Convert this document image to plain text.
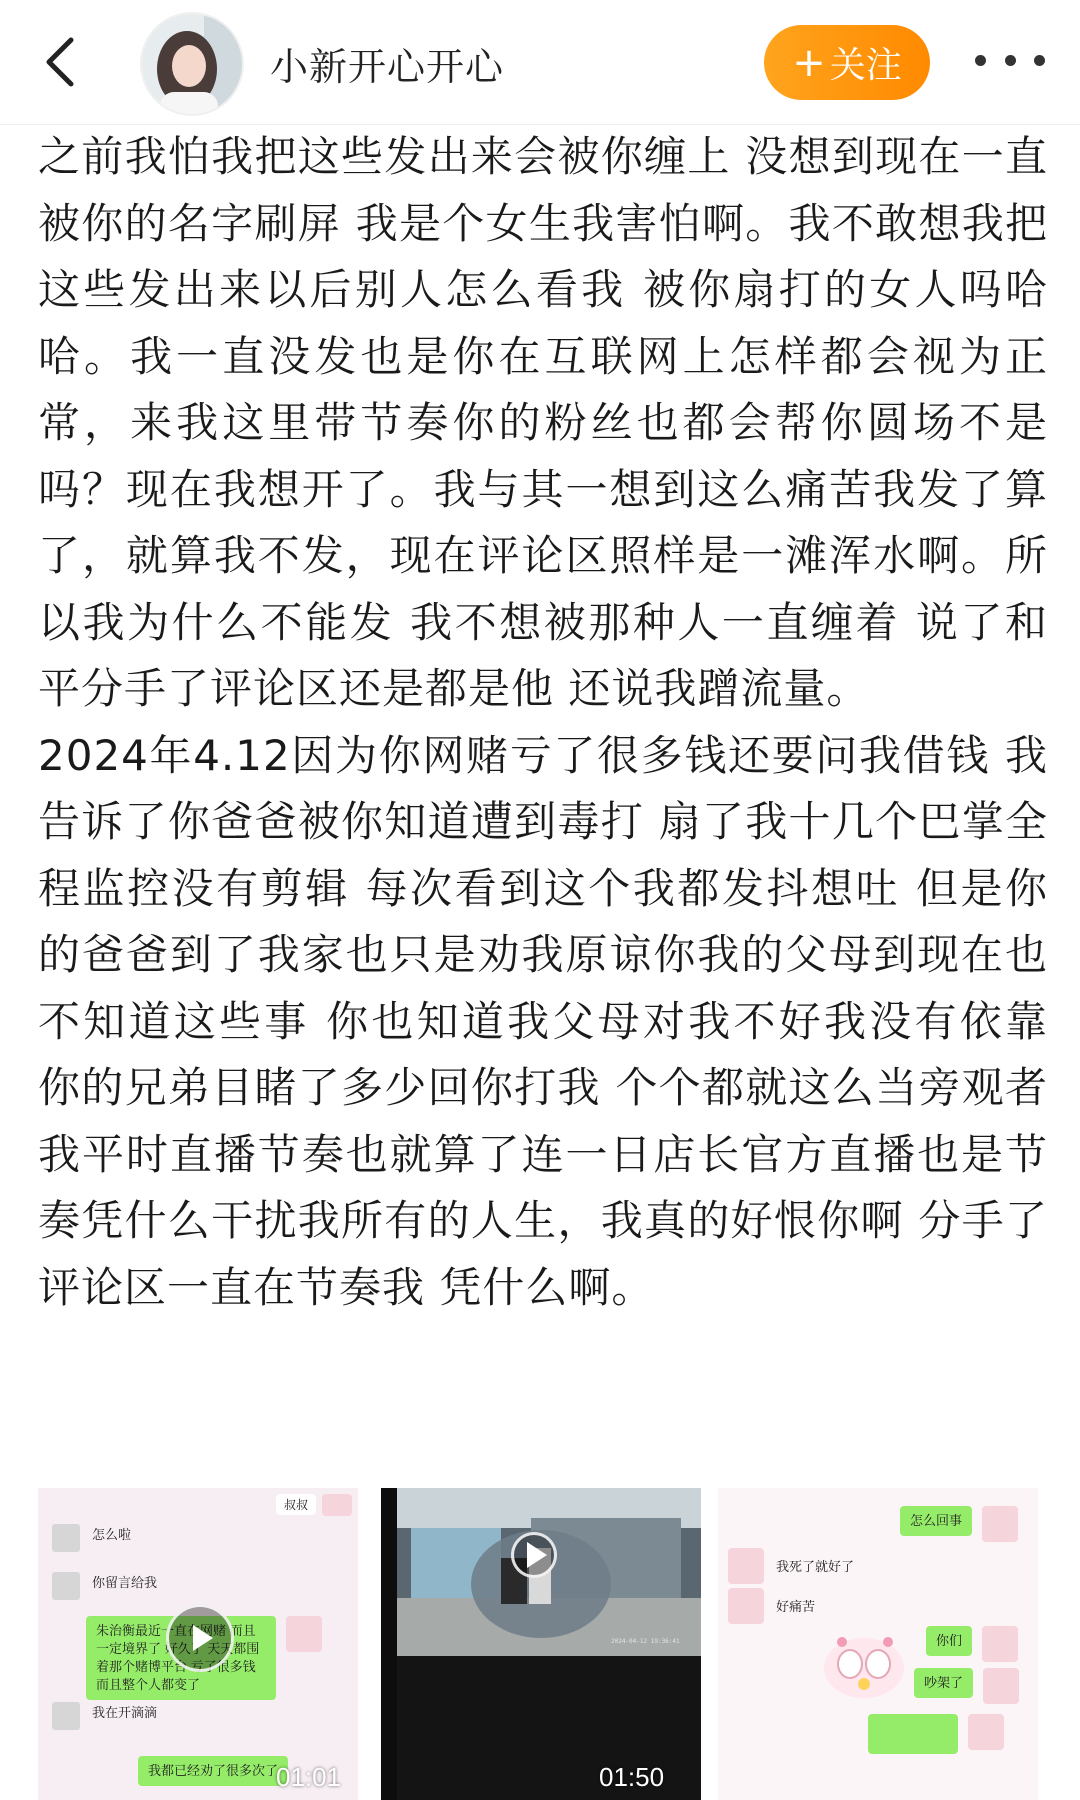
小新开心开心	+ 关注

之前我怕我把这些发出来会被你缠上 没想到现在一直被你的名字刷屏 我是个女生我害怕啊。我不敢想我把这些发出来以后别人怎么看我 被你扇打的女人吗哈哈。我一直没发也是你在互联网上怎样都会视为正常，来我这里带节奏你的粉丝也都会帮你圆场不是吗？现在我想开了。我与其一想到这么痛苦我发了算了，就算我不发，现在评论区照样是一滩浑水啊。所以我为什么不能发 我不想被那种人一直缠着 说了和平分手了评论区还是都是他 还说我蹭流量。

2024年4.12因为你网赌亏了很多钱还要问我借钱 我告诉了你爸爸被你知道遭到毒打 扇了我十几个巴掌全程监控没有剪辑 每次看到这个我都发抖想吐 但是你的爸爸到了我家也只是劝我原谅你我的父母到现在也不知道这些事 你也知道我父母对我不好我没有依靠 你的兄弟目睹了多少回你打我 个个都就这么当旁观者 我平时直播节奏也就算了连一日店长官方直播也是节奏凭什么干扰我所有的人生，我真的好恨你啊 分手了评论区一直在节奏我 凭什么啊。

叔叔
怎么啦
你留言给我
朱治衡最近一直在网赌 而且一定境界了 好久了 天天都围着那个赌博平台 亏了很多钱而且整个人都变了
我在开滴滴
我都已经劝了很多次了
01:01
2024-04-12 19:36:41
01:50
怎么回事
我死了就好了
好痛苦
你们
吵架了
